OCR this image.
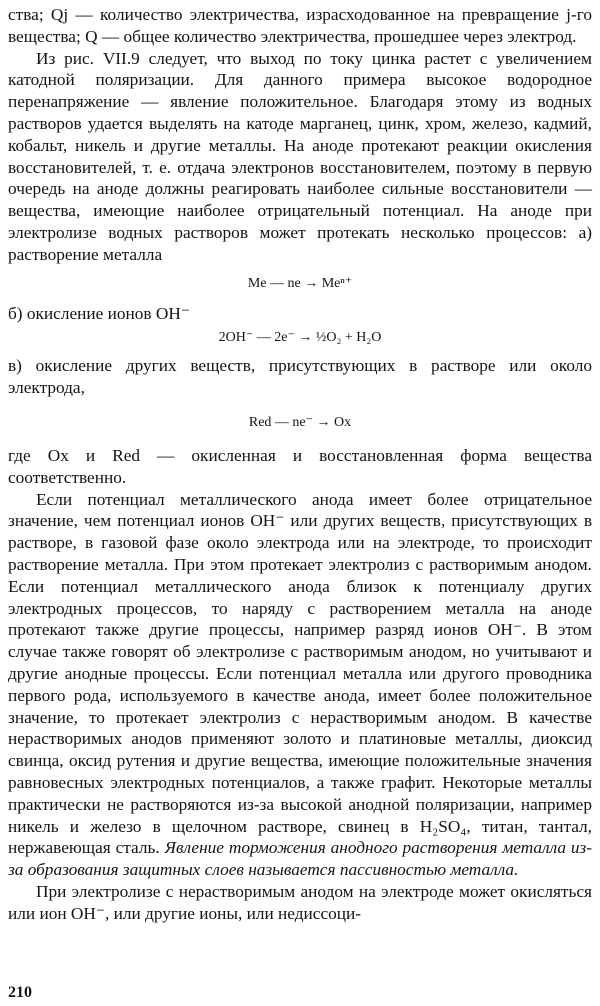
ства; Qj — количество электричества, израсходованное на превращение j-го вещества; Q — общее количество электричества, прошедшее через электрод.

Из рис. VII.9 следует, что выход по току цинка растет с увеличением катодной поляризации. Для данного примера высокое водородное перенапряжение — явление положительное. Благодаря этому из водных растворов удается выделять на катоде марганец, цинк, хром, железо, кадмий, кобальт, никель и другие металлы. На аноде протекают реакции окисления восстановителей, т. е. отдача электронов восстановителем, поэтому в первую очередь на аноде должны реагировать наиболее сильные восстановители — вещества, имеющие наиболее отрицательный потенциал. На аноде при электролизе водных растворов может протекать несколько процессов: а) растворение металла

Me — ne → Meⁿ⁺

б) окисление ионов OH⁻

2OH⁻ — 2e⁻ → ½O₂ + H₂O

в) окисление других веществ, присутствующих в растворе или около электрода,

Red — ne⁻ → Ox

где Ox и Red — окисленная и восстановленная форма вещества соответственно.

Если потенциал металлического анода имеет более отрицательное значение, чем потенциал ионов OH⁻ или других веществ, присутствующих в растворе, в газовой фазе около электрода или на электроде, то происходит растворение металла. При этом протекает электролиз с растворимым анодом. Если потенциал металлического анода близок к потенциалу других электродных процессов, то наряду с растворением металла на аноде протекают также другие процессы, например разряд ионов OH⁻. В этом случае также говорят об электролизе с растворимым анодом, но учитывают и другие анодные процессы. Если потенциал металла или другого проводника первого рода, используемого в качестве анода, имеет более положительное значение, то протекает электролиз с нерастворимым анодом. В качестве нерастворимых анодов применяют золото и платиновые металлы, диоксид свинца, оксид рутения и другие вещества, имеющие положительные значения равновесных электродных потенциалов, а также графит. Некоторые металлы практически не растворяются из-за высокой анодной поляризации, например никель и железо в щелочном растворе, свинец в H₂SO₄, титан, тантал, нержавеющая сталь. Явление торможения анодного растворения металла из-за образования защитных слоев называется пассивностью металла.

При электролизе с нерастворимым анодом на электроде может окисляться или ион OH⁻, или другие ионы, или недиссоци-

210
